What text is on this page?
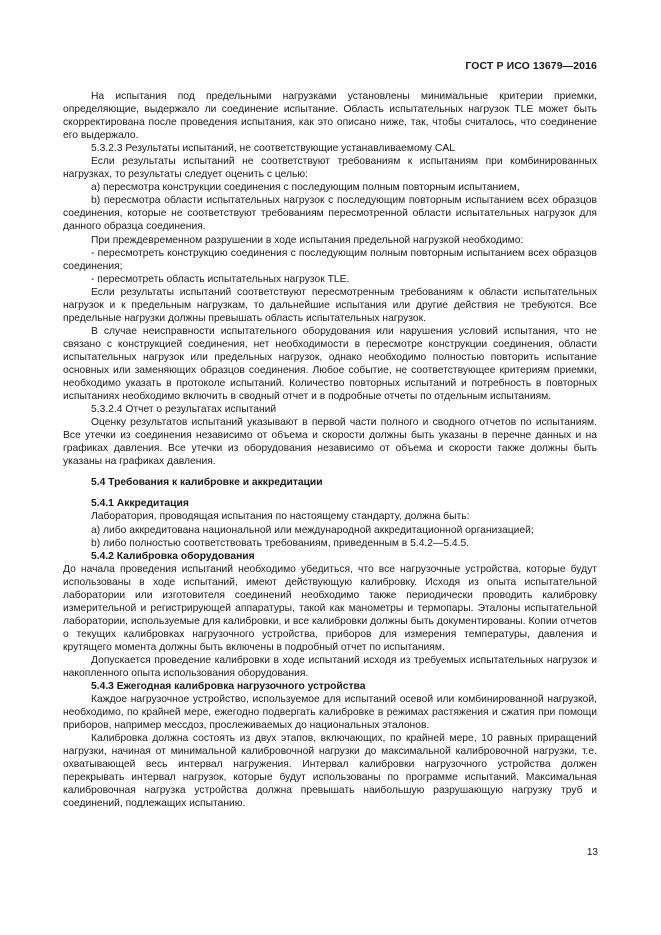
ГОСТ Р ИСО 13679—2016

На испытания под предельными нагрузками установлены минимальные критерии приемки, определяющие, выдержало ли соединение испытание. Область испытательных нагрузок TLE может быть скорректирована после проведения испытания, как это описано ниже, так, чтобы считалось, что соединение его выдержало.

5.3.2.3 Результаты испытаний, не соответствующие устанавливаемому CAL

Если результаты испытаний не соответствуют требованиям к испытаниям при комбинированных нагрузках, то результаты следует оценить с целью:

a) пересмотра конструкции соединения с последующим полным повторным испытанием,

b) пересмотра области испытательных нагрузок с последующим повторным испытанием всех образцов соединения, которые не соответствуют требованиям пересмотренной области испытательных нагрузок для данного образца соединения.

При преждевременном разрушении в ходе испытания предельной нагрузкой необходимо:

- пересмотреть конструкцию соединения с последующим полным повторным испытанием всех образцов соединения;

- пересмотреть область испытательных нагрузок TLE.

Если результаты испытаний соответствуют пересмотренным требованиям к области испытательных нагрузок и к предельным нагрузкам, то дальнейшие испытания или другие действия не требуются. Все предельные нагрузки должны превышать область испытательных нагрузок.

В случае неисправности испытательного оборудования или нарушения условий испытания, что не связано с конструкцией соединения, нет необходимости в пересмотре конструкции соединения, области испытательных нагрузок или предельных нагрузок, однако необходимо полностью повторить испытание основных или заменяющих образцов соединения. Любое событие, не соответствующее критериям приемки, необходимо указать в протоколе испытаний. Количество повторных испытаний и потребность в повторных испытаниях необходимо включить в сводный отчет и в подробные отчеты по отдельным испытаниям.

5.3.2.4 Отчет о результатах испытаний

Оценку результатов испытаний указывают в первой части полного и сводного отчетов по испытаниям. Все утечки из соединения независимо от объема и скорости должны быть указаны в перечне данных и на графиках давления. Все утечки из оборудования независимо от объема и скорости также должны быть указаны на графиках давления.

5.4 Требования к калибровке и аккредитации

5.4.1 Аккредитация

Лаборатория, проводящая испытания по настоящему стандарту, должна быть:

a) либо аккредитована национальной или международной аккредитационной организацией;

b) либо полностью соответствовать требованиям, приведенным в 5.4.2—5.4.5.

5.4.2 Калибровка оборудования

До начала проведения испытаний необходимо убедиться, что все нагрузочные устройства, которые будут использованы в ходе испытаний, имеют действующую калибровку. Исходя из опыта испытательной лаборатории или изготовителя соединений необходимо также периодически проводить калибровку измерительной и регистрирующей аппаратуры, такой как манометры и термопары. Эталоны испытательной лаборатории, используемые для калибровки, и все калибровки должны быть документированы. Копии отчетов о текущих калибровках нагрузочного устройства, приборов для измерения температуры, давления и крутящего момента должны быть включены в подробный отчет по испытаниям.

Допускается проведение калибровки в ходе испытаний исходя из требуемых испытательных нагрузок и накопленного опыта использования оборудования.

5.4.3 Ежегодная калибровка нагрузочного устройства

Каждое нагрузочное устройство, используемое для испытаний осевой или комбинированной нагрузкой, необходимо, по крайней мере, ежегодно подвергать калибровке в режимах растяжения и сжатия при помощи приборов, например мессдоз, прослеживаемых до национальных эталонов.

Калибровка должна состоять из двух этапов, включающих, по крайней мере, 10 равных приращений нагрузки, начиная от минимальной калибровочной нагрузки до максимальной калибровочной нагрузки, т.е. охватывающей весь интервал нагружения. Интервал калибровки нагрузочного устройства должен перекрывать интервал нагрузок, которые будут использованы по программе испытаний. Максимальная калибровочная нагрузка устройства должна превышать наибольшую разрушающую нагрузку труб и соединений, подлежащих испытанию.

13
